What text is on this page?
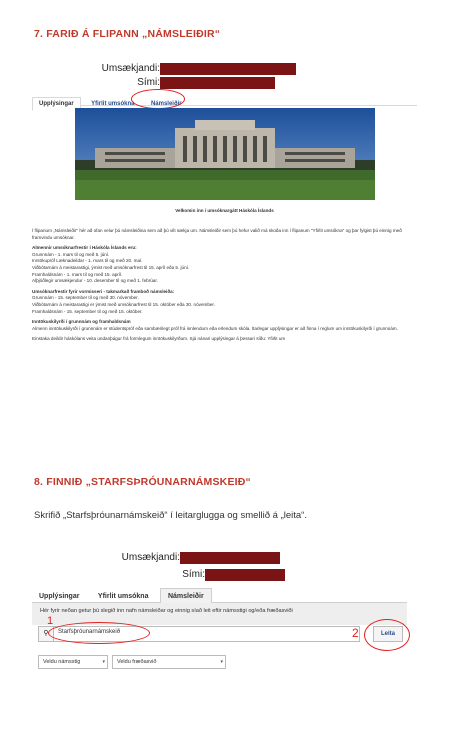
7. FARIÐ Á FLIPANN „NÁMSLEIÐIR“
Umsækjandi:
Sími:
Upplýsingar	Yfirlit umsókna	Námsleiðir
Velkomin inn í umsóknargátt Háskóla Íslands

Í flipanum „Námsleiðir" hér að ofan velur þú námsleiðina sem að þú vilt sækja um. Námsleiðir sem þú hefur valið má skoða inn í flipanum "Yfirlit umsókna" og þar fylgist þú einnig með framvindu umsóknar.

Almennir umsóknarfrestir í Háskóla Íslands eru:
Grunnnám - 1. mars til og með 5. júní.
Inntökupróf Læknadeildar - 1. mars til og með 20. maí.
Viðbótarnám á meistarastigi, ýmist með umsóknarfrest til 15. apríl eða 5. júní.
Framhaldsnám - 1. mars til og með 15. apríl.
Alþjóðlegir umsækjendur - 10. desember til og með 1. febrúar.
Umsóknarfrestir fyrir vormisseri - takmarkað framboð námsleiða:
Grunnnám - 15. september til og með 30. nóvember.
Viðbótarnám á meistarastigi er ýmist með umsóknarfrest til 15. október eða 30. nóvember.
Framhaldsnám - 15. september til og með 15. október.
Inntökuskilyrði í grunnnám og framhaldsnám

Almenn inntökuskilyrði í grunnnám er stúdentspróf eða sambærilegt próf frá innlendum eða erlendum skóla. Ítarlegar upplýsingar er að finna í reglum um inntökuskilyrði í grunnnám.

Einstaka deildir háskólans veita undanþágur frá formlegum inntökuskilyrðum. Sjá nánari upplýsingar á þessari síðu: Yfirlit um

8. FINNIÐ „STARFSÞRÓUNARNÁMSKEIÐ“
Skrifið „Starfsþróunarnámskeið“ í leitarglugga og smellið á „leita“.
Umsækjandi:
Sími:
Upplýsingar	Yfirlit umsókna	Námsleiðir
Hér fyrir neðan getur þú slegið inn nafn námsleiðar og einnig síað leit eftir námsstigi og/eða fræðasviði
⚲	Starfsþróunarnámskeið
1
Leita
2
Veldu námsstig	▾	Veldu fræðasvið	▾
